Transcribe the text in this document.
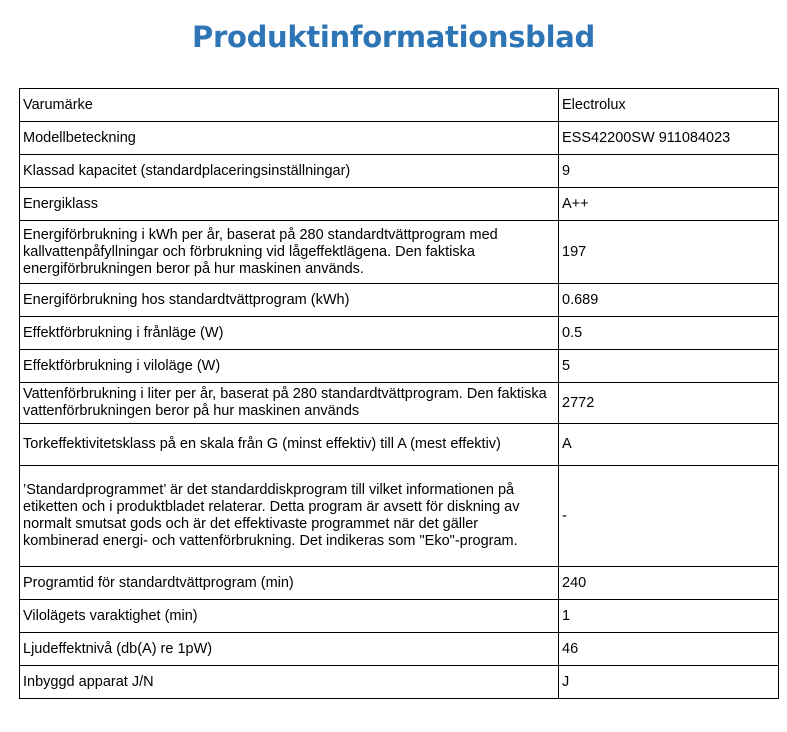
Produktinformationsblad
Varumärke	Electrolux
Modellbeteckning	ESS42200SW 911084023
Klassad kapacitet (standardplaceringsinställningar)	9
Energiklass	A++
Energiförbrukning i kWh per år, baserat på 280 standardtvättprogram med kallvattenpåfyllningar och förbrukning vid lågeffektlägena. Den faktiska energiförbrukningen beror på hur maskinen används.	197
Energiförbrukning hos standardtvättprogram (kWh)	0.689
Effektförbrukning i frånläge (W)	0.5
Effektförbrukning i viloläge (W)	5
Vattenförbrukning i liter per år, baserat på 280 standardtvättprogram. Den faktiska vattenförbrukningen beror på hur maskinen används	2772
Torkeffektivitetsklass på en skala från G (minst effektiv) till A (mest effektiv)	A
’Standardprogrammet’ är det standarddiskprogram till vilket informationen på etiketten och i produktbladet relaterar. Detta program är avsett för diskning av normalt smutsat gods och är det effektivaste programmet när det gäller kombinerad energi- och vattenförbrukning. Det indikeras som "Eko"-program.	-
Programtid för standardtvättprogram (min)	240
Vilolägets varaktighet (min)	1
Ljudeffektnivå (db(A) re 1pW)	46
Inbyggd apparat J/N	J
